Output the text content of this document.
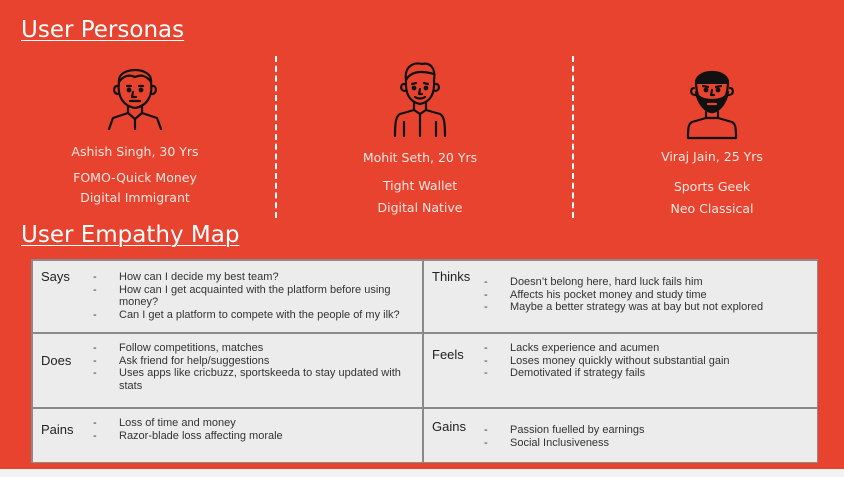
User Personas
Ashish Singh, 30 Yrs
FOMO-Quick Money
Digital Immigrant
Mohit Seth, 20 Yrs
Tight Wallet
Digital Native
Viraj Jain, 25 Yrs
Sports Geek
Neo Classical
User Empathy Map
Says	- How can I decide my best team?
- How can I get acquainted with the platform before using money?
- Can I get a platform to compete with the people of my ilk?
Thinks	- Doesn’t belong here, hard luck fails him
- Affects his pocket money and study time
- Maybe a better strategy was at bay but not explored
Does
- Follow competitions, matches
- Ask friend for help/suggestions
- Uses apps like cricbuzz, sportskeeda to stay updated with stats
Feels	- Lacks experience and acumen
- Loses money quickly without substantial gain
- Demotivated if strategy fails
Pains	- Loss of time and money
- Razor-blade loss affecting morale
Gains	- Passion fuelled by earnings
- Social Inclusiveness
